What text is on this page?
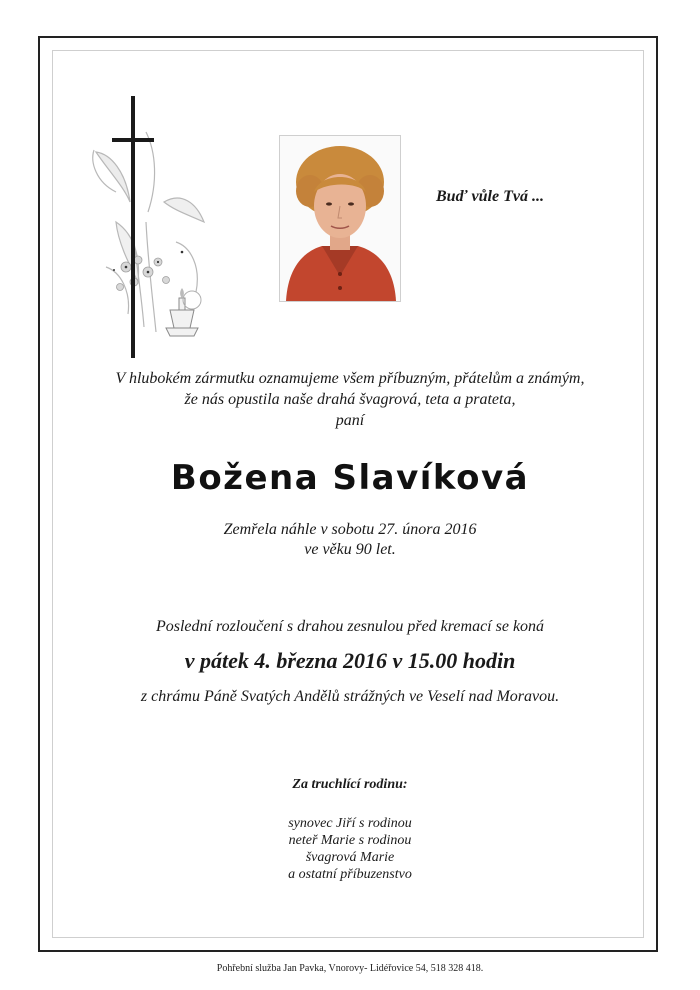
Buď vůle Tvá ...
V hlubokém zármutku oznamujeme všem příbuzným, přátelům a známým,
že nás opustila naše drahá švagrová, teta a prateta,
paní
Božena Slavíková
Zemřela náhle v sobotu 27. února 2016
ve věku 90 let.
Poslední rozloučení s drahou zesnulou před kremací se koná
v pátek 4. března 2016 v 15.00 hodin
z chrámu Páně Svatých Andělů strážných ve Veselí nad Moravou.
Za truchlící rodinu:
synovec Jiří s rodinou
neteř Marie s rodinou
švagrová Marie
a ostatní příbuzenstvo
Pohřební služba Jan Pavka, Vnorovy- Lidéřovice 54, 518 328 418.
